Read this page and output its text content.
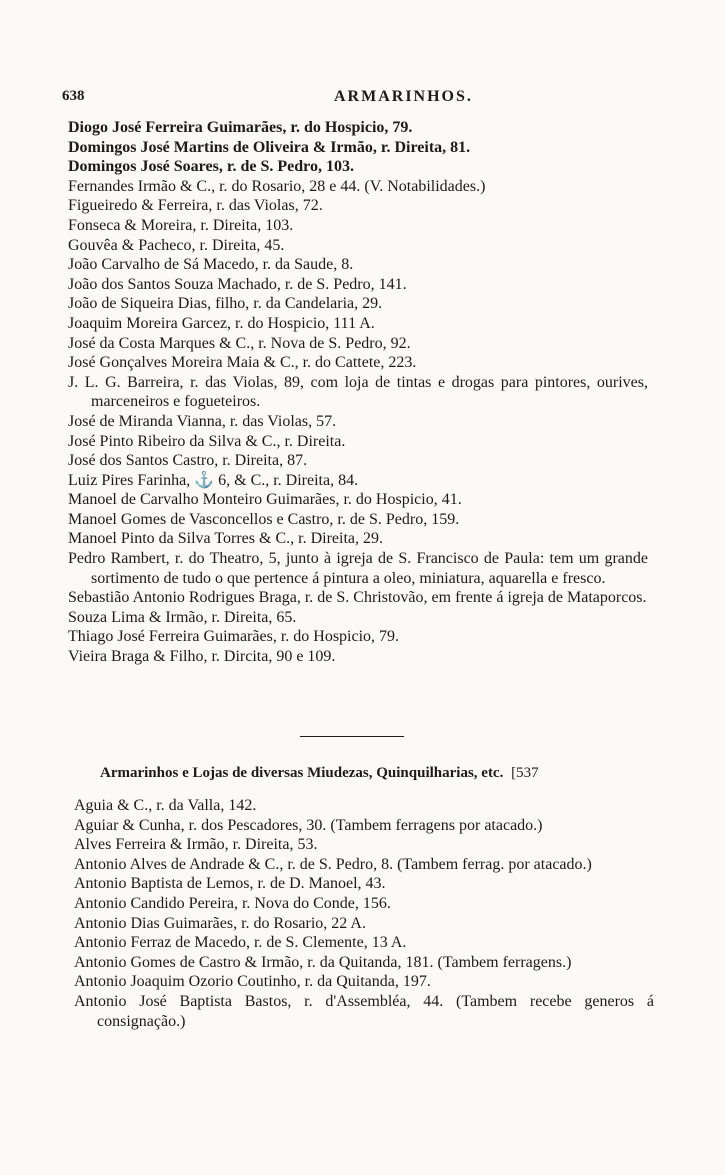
638	ARMARINHOS.
Diogo José Ferreira Guimarães, r. do Hospicio, 79.
Domingos José Martins de Oliveira & Irmão, r. Direita, 81.
Domingos José Soares, r. de S. Pedro, 103.
Fernandes Irmão & C., r. do Rosario, 28 e 44. (V. Notabilidades.)
Figueiredo & Ferreira, r. das Violas, 72.
Fonseca & Moreira, r. Direita, 103.
Gouvêa & Pacheco, r. Direita, 45.
João Carvalho de Sá Macedo, r. da Saude, 8.
João dos Santos Souza Machado, r. de S. Pedro, 141.
João de Siqueira Dias, filho, r. da Candelaria, 29.
Joaquim Moreira Garcez, r. do Hospicio, 111 A.
José da Costa Marques & C., r. Nova de S. Pedro, 92.
José Gonçalves Moreira Maia & C., r. do Cattete, 223.
J. L. G. Barreira, r. das Violas, 89, com loja de tintas e drogas para pintores, ourives, marceneiros e fogueteiros.
José de Miranda Vianna, r. das Violas, 57.
José Pinto Ribeiro da Silva & C., r. Direita.
José dos Santos Castro, r. Direita, 87.
Luiz Pires Farinha, ⚓ 6, & C., r. Direita, 84.
Manoel de Carvalho Monteiro Guimarães, r. do Hospicio, 41.
Manoel Gomes de Vasconcellos e Castro, r. de S. Pedro, 159.
Manoel Pinto da Silva Torres & C., r. Direita, 29.
Pedro Rambert, r. do Theatro, 5, junto à igreja de S. Francisco de Paula: tem um grande sortimento de tudo o que pertence á pintura a oleo, miniatura, aquarella e fresco.
Sebastião Antonio Rodrigues Braga, r. de S. Christovão, em frente á igreja de Mataporcos.
Souza Lima & Irmão, r. Direita, 65.
Thiago José Ferreira Guimarães, r. do Hospicio, 79.
Vieira Braga & Filho, r. Dircita, 90 e 109.
Armarinhos e Lojas de diversas Miudezas, Quinquilharias, etc. [537
Aguia & C., r. da Valla, 142.
Aguiar & Cunha, r. dos Pescadores, 30. (Tambem ferragens por atacado.)
Alves Ferreira & Irmão, r. Direita, 53.
Antonio Alves de Andrade & C., r. de S. Pedro, 8. (Tambem ferrag. por atacado.)
Antonio Baptista de Lemos, r. de D. Manoel, 43.
Antonio Candido Pereira, r. Nova do Conde, 156.
Antonio Dias Guimarães, r. do Rosario, 22 A.
Antonio Ferraz de Macedo, r. de S. Clemente, 13 A.
Antonio Gomes de Castro & Irmão, r. da Quitanda, 181. (Tambem ferragens.)
Antonio Joaquim Ozorio Coutinho, r. da Quitanda, 197.
Antonio José Baptista Bastos, r. d'Assembléa, 44. (Tambem recebe generos á consignação.)
